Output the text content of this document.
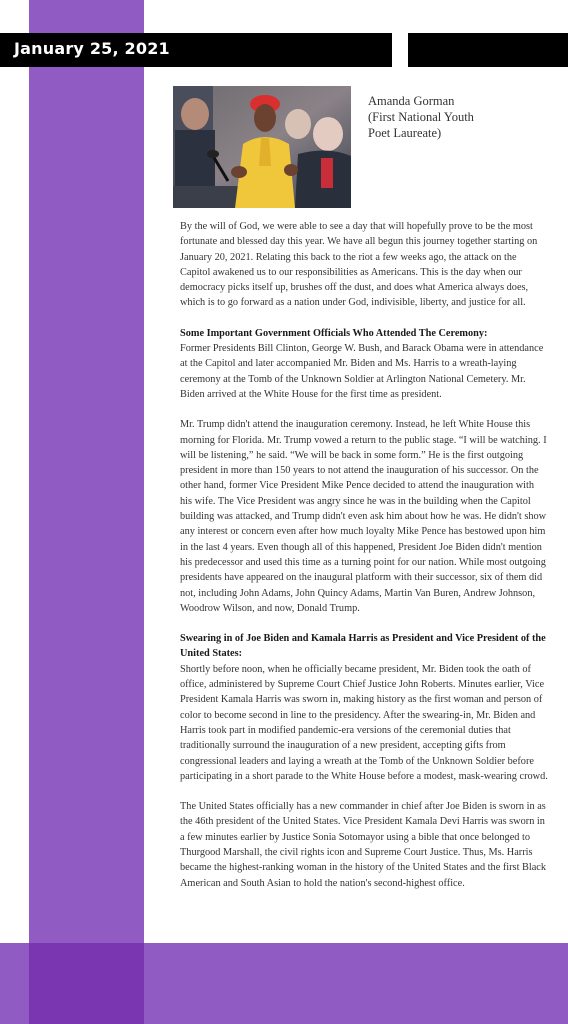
January 25, 2021
Amanda Gorman
(First National Youth
Poet Laureate)

By the will of God, we were able to see a day that will hopefully prove to be the most fortunate and blessed day this year. We have all begun this journey together starting on January 20, 2021. Relating this back to the riot a few weeks ago, the attack on the Capitol awakened us to our responsibilities as Americans. This is the day when our democracy picks itself up, brushes off the dust, and does what America always does, which is to go forward as a nation under God, indivisible, liberty, and justice for all.

Some Important Government Officials Who Attended The Ceremony:
Former Presidents Bill Clinton, George W. Bush, and Barack Obama were in attendance at the Capitol and later accompanied Mr. Biden and Ms. Harris to a wreath-laying ceremony at the Tomb of the Unknown Soldier at Arlington National Cemetery. Mr. Biden arrived at the White House for the first time as president.

Mr. Trump didn't attend the inauguration ceremony. Instead, he left White House this morning for Florida. Mr. Trump vowed a return to the public stage. “I will be watching. I will be listening,” he said. “We will be back in some form.” He is the first outgoing president in more than 150 years to not attend the inauguration of his successor. On the other hand, former Vice President Mike Pence decided to attend the inauguration with his wife. The Vice President was angry since he was in the building when the Capitol building was attacked, and Trump didn't even ask him about how he was. He didn't show any interest or concern even after how much loyalty Mike Pence has bestowed upon him in the last 4 years. Even though all of this happened, President Joe Biden didn't mention his predecessor and used this time as a turning point for our nation. While most outgoing presidents have appeared on the inaugural platform with their successor, six of them did not, including John Adams, John Quincy Adams, Martin Van Buren, Andrew Johnson, Woodrow Wilson, and now, Donald Trump.

Swearing in of Joe Biden and Kamala Harris as President and Vice President of the United States:
Shortly before noon, when he officially became president, Mr. Biden took the oath of office, administered by Supreme Court Chief Justice John Roberts. Minutes earlier, Vice President Kamala Harris was sworn in, making history as the first woman and person of color to become second in line to the presidency. After the swearing-in, Mr. Biden and Harris took part in modified pandemic-era versions of the ceremonial duties that traditionally surround the inauguration of a new president, accepting gifts from congressional leaders and laying a wreath at the Tomb of the Unknown Soldier before participating in a short parade to the White House before a modest, mask-wearing crowd.

The United States officially has a new commander in chief after Joe Biden is sworn in as the 46th president of the United States. Vice President Kamala Devi Harris was sworn in a few minutes earlier by Justice Sonia Sotomayor using a bible that once belonged to Thurgood Marshall, the civil rights icon and Supreme Court Justice. Thus, Ms. Harris became the highest-ranking woman in the history of the United States and the first Black American and South Asian to hold the nation's second-highest office.
